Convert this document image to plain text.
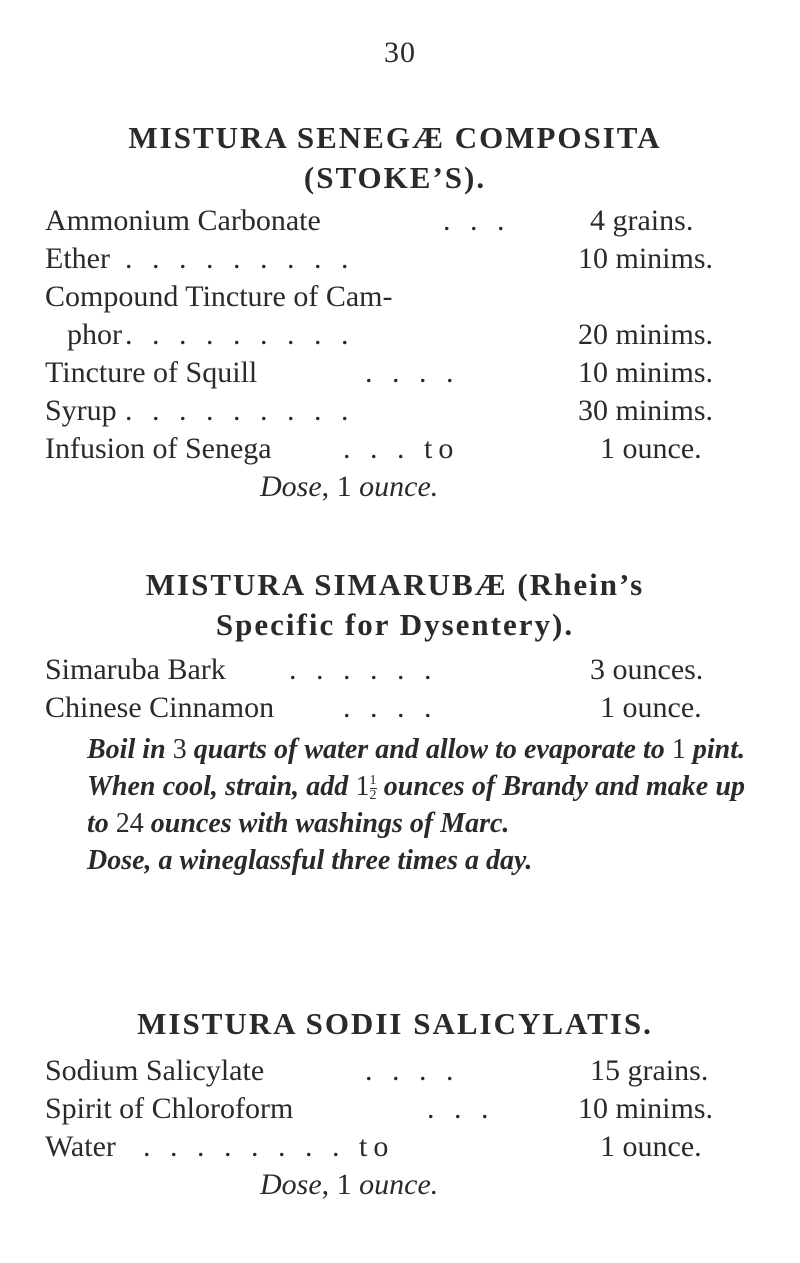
30
MISTURA SENEGÆ COMPOSITA
(STOKE’S).
Ammonium Carbonate	. . .	4 grains.
Ether . . . . . . . . .	10 minims.
Compound Tincture of Cam-
phor . . . . . . . . .	20 minims.
Tincture of Squill	. . . .	10 minims.
Syrup . . . . . . . . .	30 minims.
Infusion of Senega . . . to	1 ounce.
Dose, 1 ounce.
MISTURA SIMARUBÆ (Rhein’s
Specific for Dysentery).
Simaruba Bark . . . . . .	3 ounces.
Chinese Cinnamon . . . .	1 ounce.

Boil in 3 quarts of water and allow to evaporate to 1 pint. When cool, strain, add $1 \frac{1}{2}$ ounces of Brandy and make up to 24 ounces with washings of Marc.

Dose, a wineglassful three times a day.

MISTURA SODII SALICYLATIS.
Sodium Salicylate	. . . .	15 grains.
Spirit of Chloroform	. . .	10 minims.
Water . . . . . . . . to	1 ounce.
Dose, 1 ounce.
